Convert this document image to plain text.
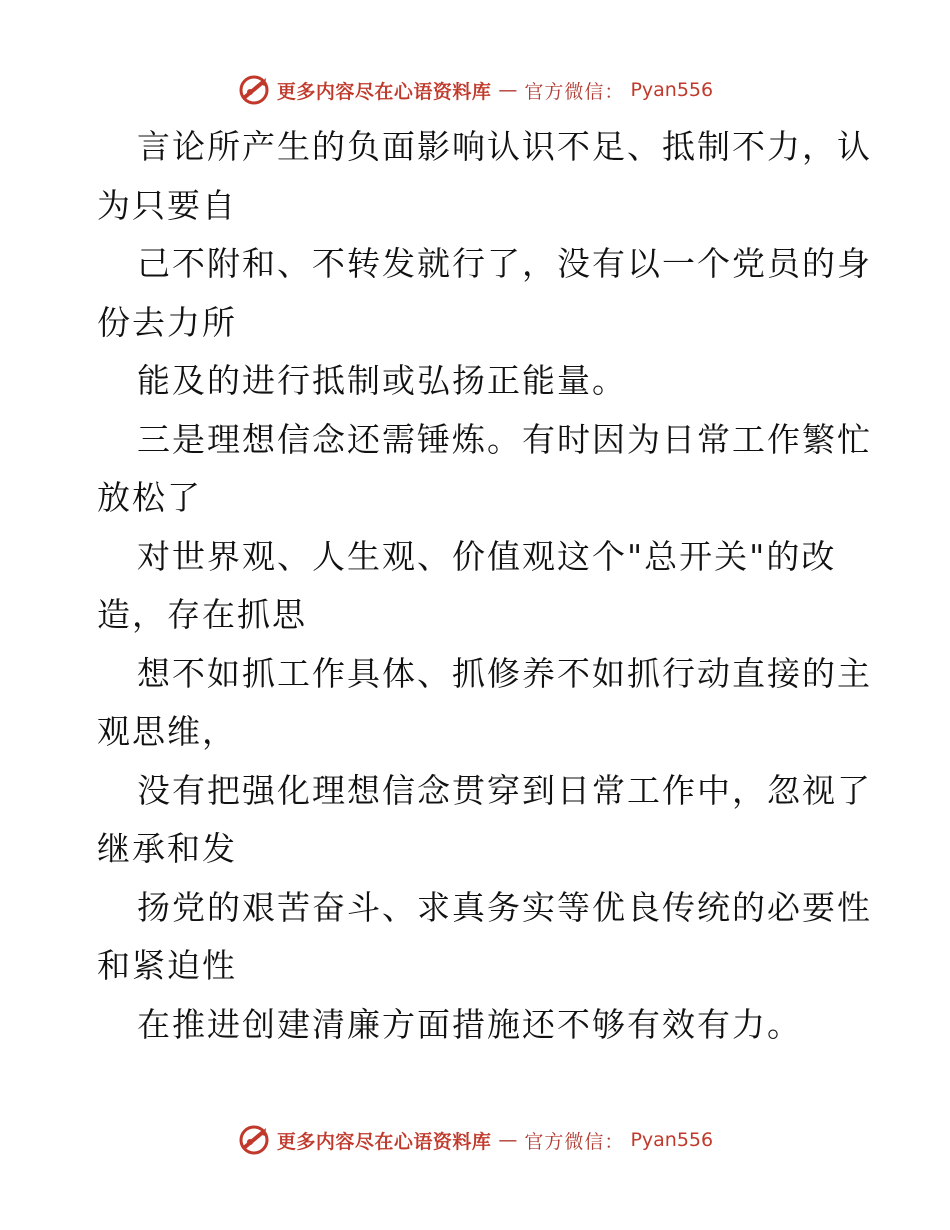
更多内容尽在心语资料库 — 官方微信： Pyan556
言论所产生的负面影响认识不足、抵制不力，认
为只要自
己不附和、不转发就行了，没有以一个党员的身
份去力所
能及的进行抵制或弘扬正能量。
三是理想信念还需锤炼。有时因为日常工作繁忙
放松了
对世界观、人生观、价值观这个"总开关"的改
造，存在抓思
想不如抓工作具体、抓修养不如抓行动直接的主
观思维，
没有把强化理想信念贯穿到日常工作中，忽视了
继承和发
扬党的艰苦奋斗、求真务实等优良传统的必要性
和紧迫性
在推进创建清廉方面措施还不够有效有力。
更多内容尽在心语资料库 — 官方微信： Pyan556
